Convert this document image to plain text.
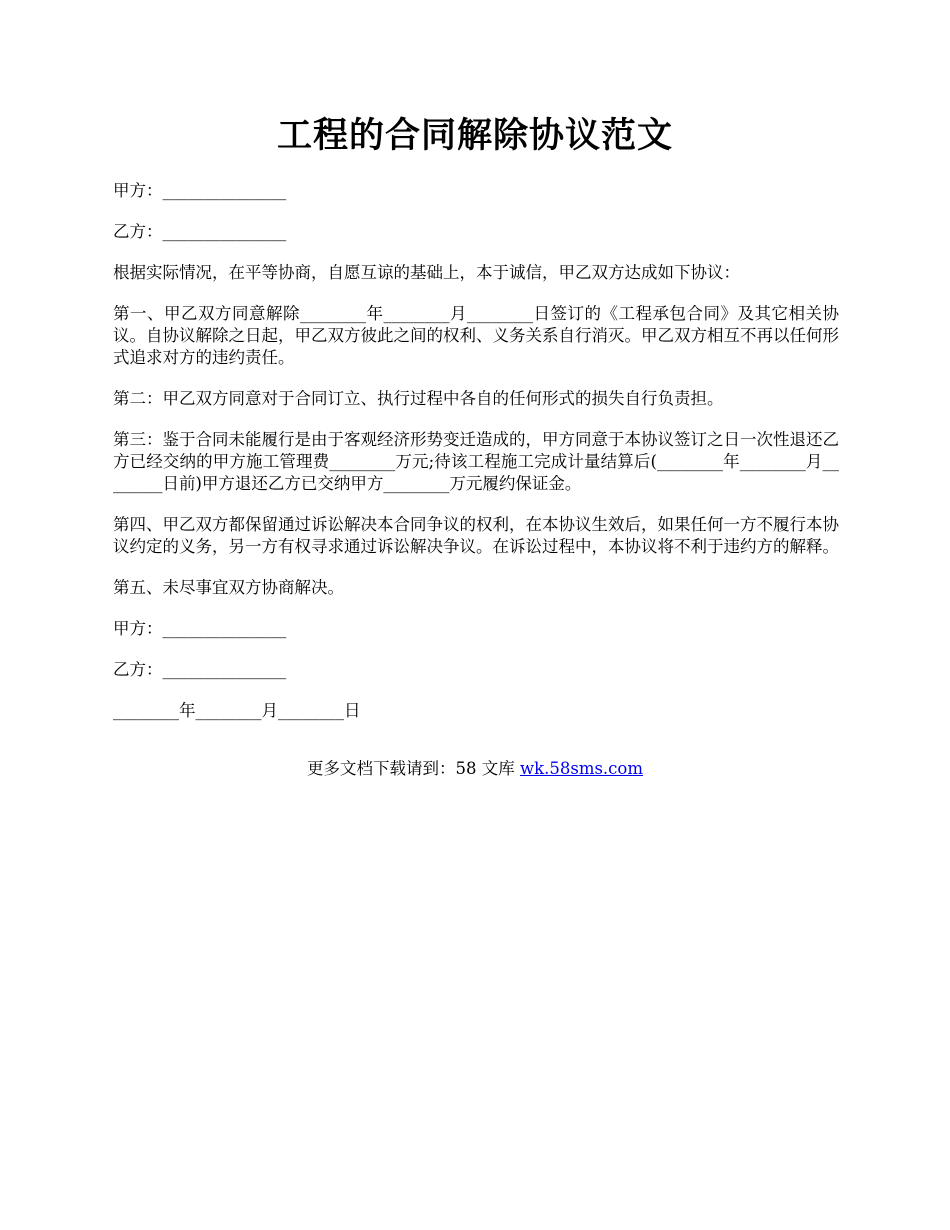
工程的合同解除协议范文

甲方：_______________

乙方：_______________

根据实际情况，在平等协商，自愿互谅的基础上，本于诚信，甲乙双方达成如下协议：

第一、甲乙双方同意解除________年________月________日签订的《工程承包合同》及其它相关协议。自协议解除之日起，甲乙双方彼此之间的权利、义务关系自行消灭。甲乙双方相互不再以任何形式追求对方的违约责任。

第二：甲乙双方同意对于合同订立、执行过程中各自的任何形式的损失自行负责担。

第三：鉴于合同未能履行是由于客观经济形势变迁造成的，甲方同意于本协议签订之日一次性退还乙方已经交纳的甲方施工管理费________万元;待该工程施工完成计量结算后(________年________月________日前)甲方退还乙方已交纳甲方________万元履约保证金。

第四、甲乙双方都保留通过诉讼解决本合同争议的权利，在本协议生效后，如果任何一方不履行本协议约定的义务，另一方有权寻求通过诉讼解决争议。在诉讼过程中，本协议将不利于违约方的解释。

第五、未尽事宜双方协商解决。

甲方：_______________

乙方：_______________

________年________月________日

更多文档下载请到：58 文库 wk.58sms.com
